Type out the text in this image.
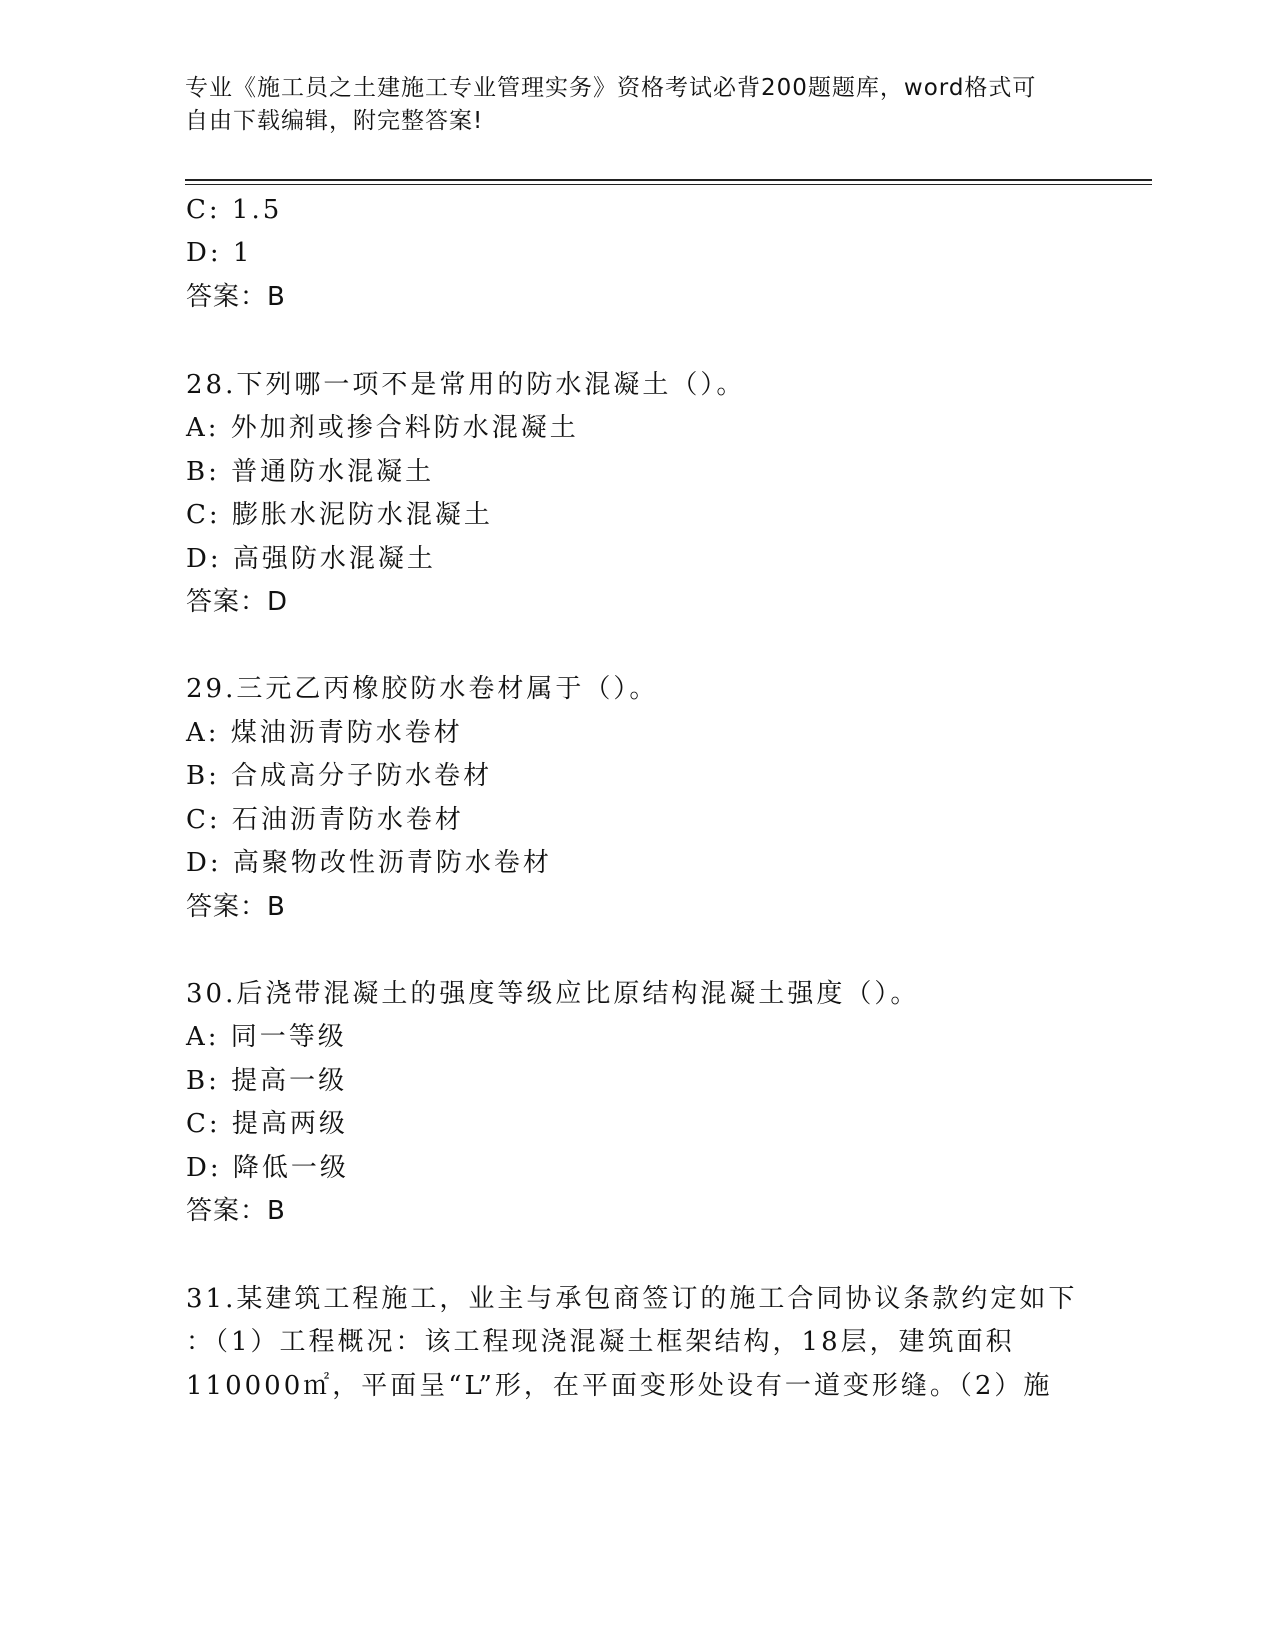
专业《施工员之土建施工专业管理实务》资格考试必背200题题库，word格式可
自由下载编辑，附完整答案!
C: 1.5
D: 1
答案：B
28.下列哪一项不是常用的防水混凝土（）。
A: 外加剂或掺合料防水混凝土
B: 普通防水混凝土
C: 膨胀水泥防水混凝土
D: 高强防水混凝土
答案：D
29.三元乙丙橡胶防水卷材属于（）。
A: 煤油沥青防水卷材
B: 合成高分子防水卷材
C: 石油沥青防水卷材
D: 高聚物改性沥青防水卷材
答案：B
30.后浇带混凝土的强度等级应比原结构混凝土强度（）。
A: 同一等级
B: 提高一级
C: 提高两级
D: 降低一级
答案：B
31.某建筑工程施工，业主与承包商签订的施工合同协议条款约定如下
：（1）工程概况：该工程现浇混凝土框架结构，18层，建筑面积
110000㎡，平面呈“L”形，在平面变形处设有一道变形缝。（2）施
